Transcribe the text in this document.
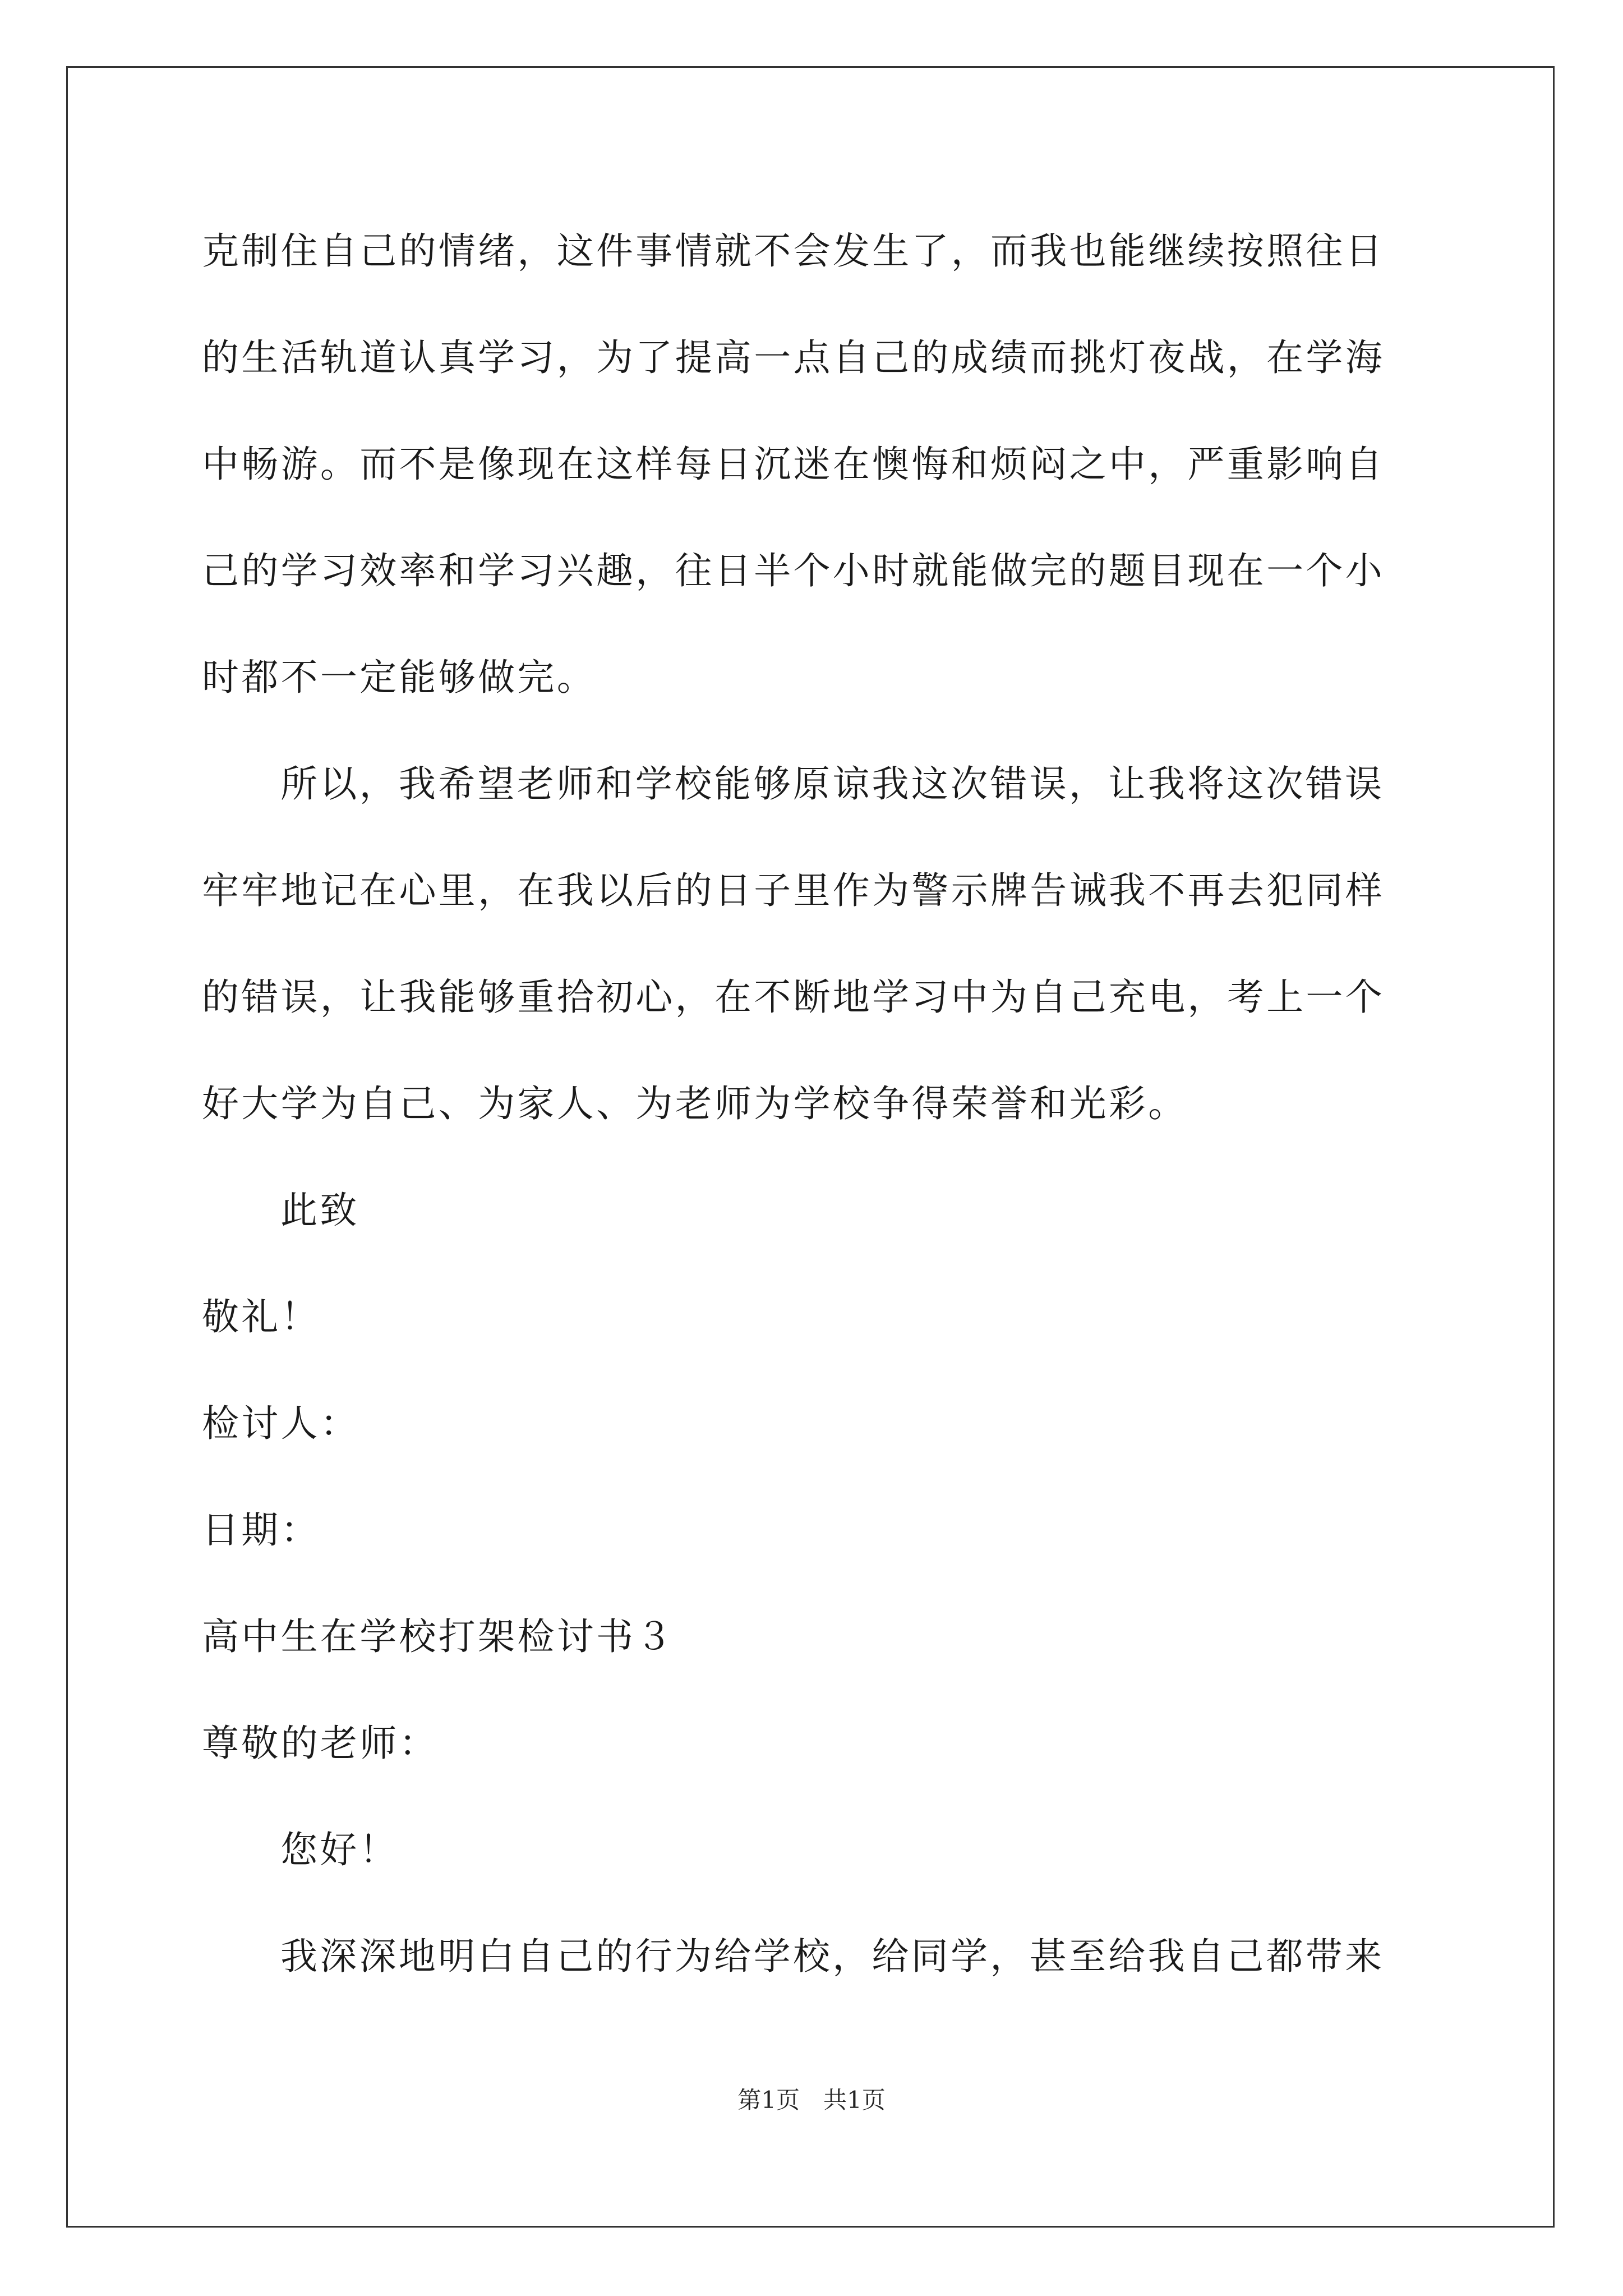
克制住自己的情绪，这件事情就不会发生了，而我也能继续按照往日
的生活轨道认真学习，为了提高一点自己的成绩而挑灯夜战，在学海
中畅游。而不是像现在这样每日沉迷在懊悔和烦闷之中，严重影响自
己的学习效率和学习兴趣，往日半个小时就能做完的题目现在一个小
时都不一定能够做完。
所以，我希望老师和学校能够原谅我这次错误，让我将这次错误
牢牢地记在心里，在我以后的日子里作为警示牌告诫我不再去犯同样
的错误，让我能够重拾初心，在不断地学习中为自己充电，考上一个
好大学为自己、为家人、为老师为学校争得荣誉和光彩。
此致
敬礼！
检讨人：
日期：
高中生在学校打架检讨书３
尊敬的老师：
您好！
我深深地明白自己的行为给学校，给同学，甚至给我自己都带来
第1页　共1页
